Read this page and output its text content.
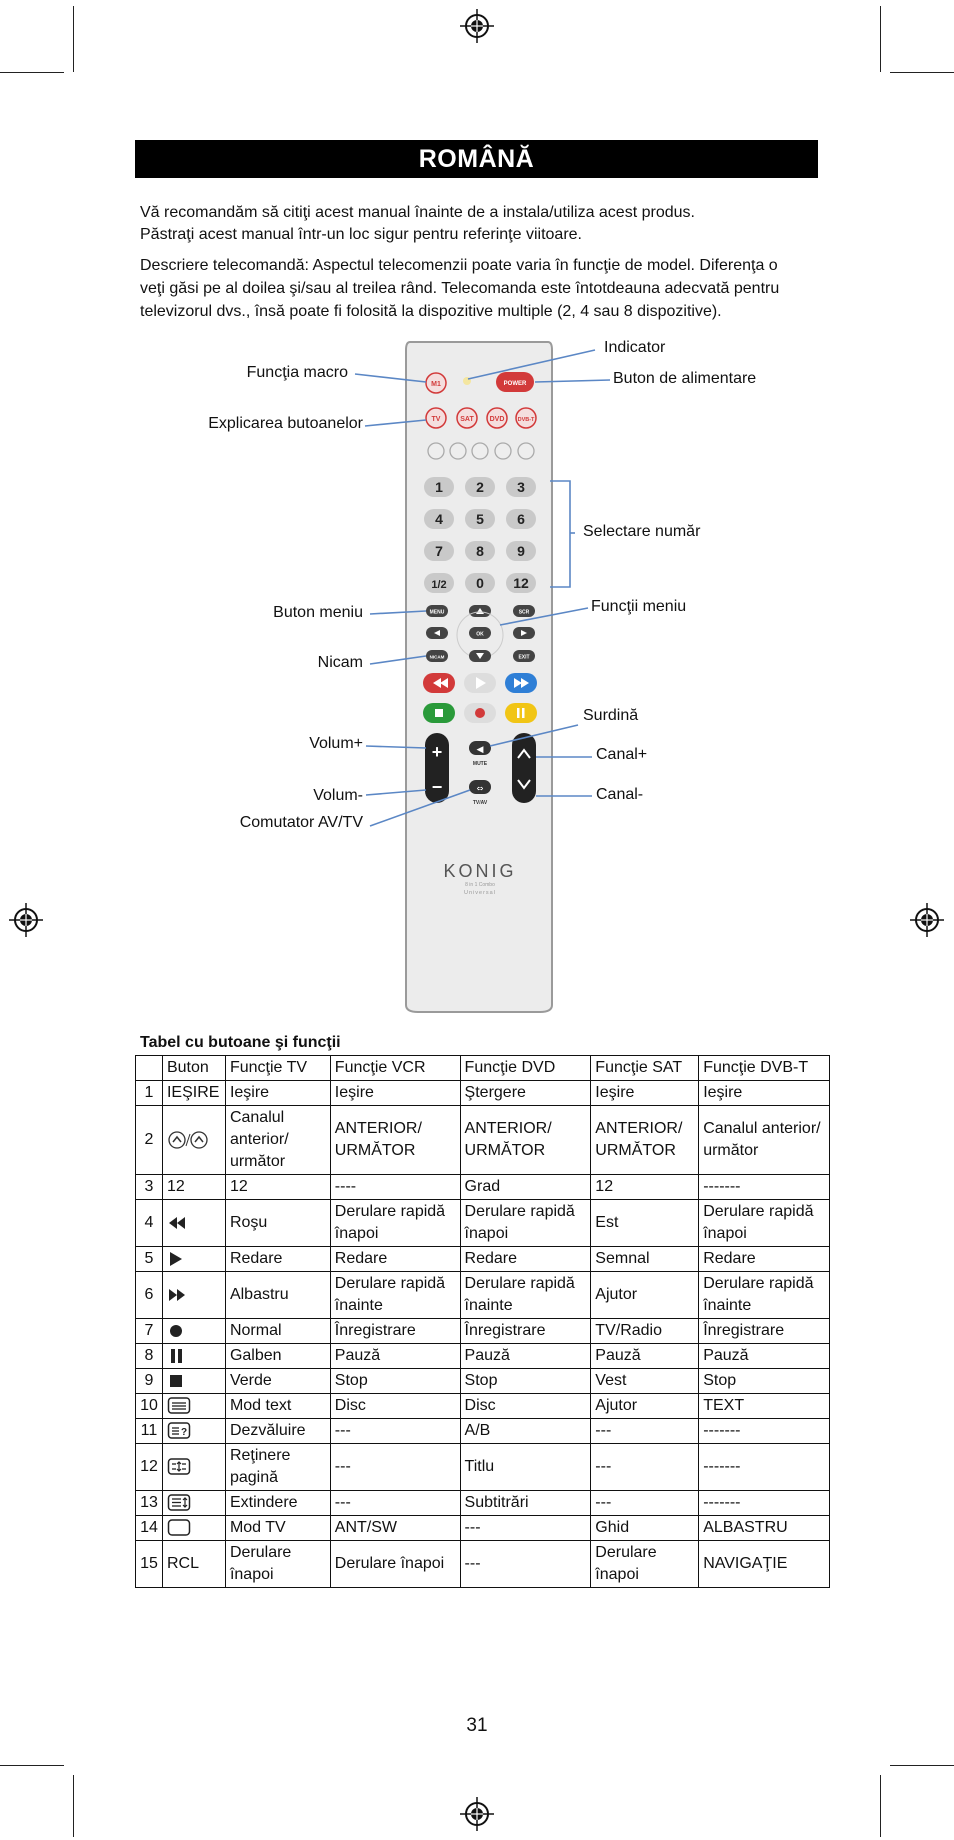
ROMÂNĂ
Vă recomandăm să citiţi acest manual înainte de a instala/utiliza acest produs.
Păstraţi acest manual într-un loc sigur pentru referinţe viitoare.
Descriere telecomandă: Aspectul telecomenzii poate varia în funcţie de model. Diferenţa o
veţi găsi pe al doilea şi/sau al treilea rând. Telecomanda este întotdeauna adecvată pentru
televizorul dvs., însă poate fi folosită la dispozitive multiple (2, 4 sau 8 dispozitive).
M1	POWER
TV	SAT DVD DVB-T
1 2 3
4 5 6
7 8 9
1/2 0 12
MENU	SCR
OK
NICAM	EXIT
+
−
◀
MUTE
⇔
TV/AV
KONIG
8 in 1 Combo
Universal
Indicator
Funcţia macro	Buton de alimentare
Explicarea butoanelor
Selectare număr
Buton meniu	Funcţii meniu
Nicam
Surdină
Volum+
Canal+
Volum-	Canal-
Comutator AV/TV
Tabel cu butoane şi funcţii
	Buton	Funcţie TV	Funcţie VCR	Funcţie DVD	Funcţie SAT	Funcţie DVB-T
1	IEŞIRE	Ieşire	Ieşire	Ştergere	Ieşire	Ieşire
2		Canalul anterior/ următor	ANTERIOR/ URMĂTOR	ANTERIOR/ URMĂTOR	ANTERIOR/ URMĂTOR	Canalul anterior/ următor
3	12	12	----	Grad	12	-------
4		Roşu	Derulare rapidă înapoi	Derulare rapidă înapoi	Est	Derulare rapidă înapoi
5		Redare	Redare	Redare	Semnal	Redare
6		Albastru	Derulare rapidă înainte	Derulare rapidă înainte	Ajutor	Derulare rapidă înainte
7		Normal	Înregistrare	Înregistrare	TV/Radio	Înregistrare
8		Galben	Pauză	Pauză	Pauză	Pauză
9		Verde	Stop	Stop	Vest	Stop
10		Mod text	Disc	Disc	Ajutor	TEXT
11	?	Dezvăluire	---	A/B	---	-------
12		Reţinere pagină	---	Titlu	---	-------
13		Extindere	---	Subtitrări	---	-------
14		Mod TV	ANT/SW	---	Ghid	ALBASTRU
15	RCL	Derulare înapoi	Derulare înapoi	---	Derulare înapoi	NAVIGAŢIE
31
